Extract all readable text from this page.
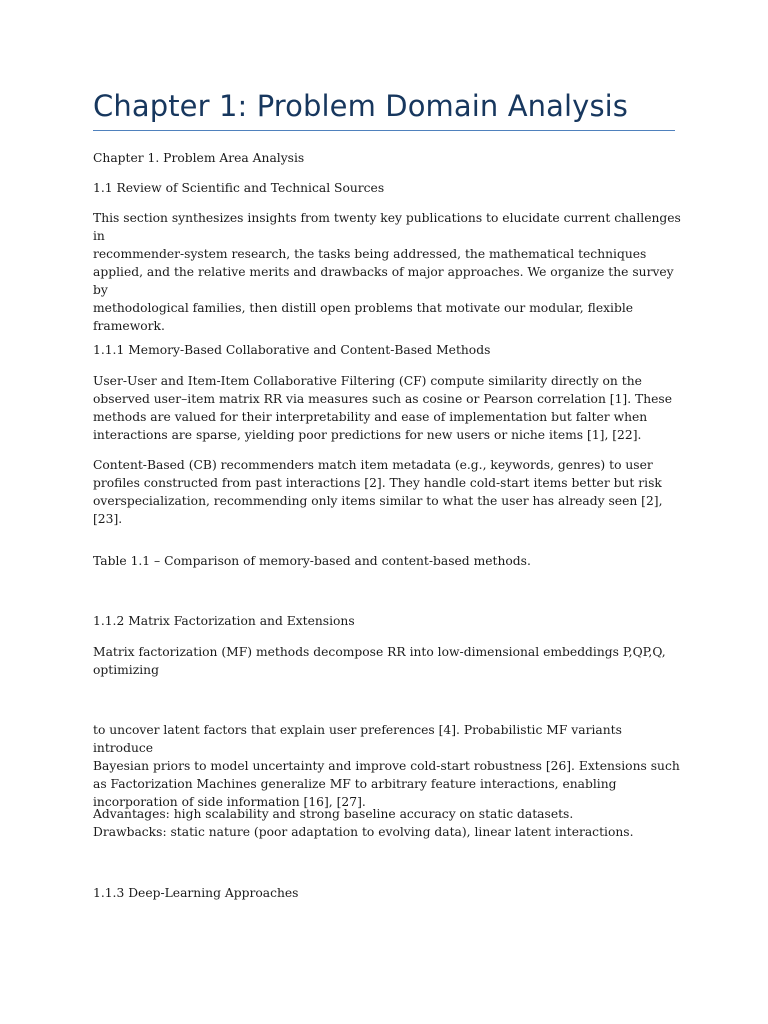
Chapter 1: Problem Domain Analysis

Chapter 1. Problem Area Analysis

1.1 Review of Scientific and Technical Sources

This section synthesizes insights from twenty key publications to elucidate current challenges in
recommender-system research, the tasks being addressed, the mathematical techniques
applied, and the relative merits and drawbacks of major approaches. We organize the survey by
methodological families, then distill open problems that motivate our modular, flexible
framework.

1.1.1 Memory-Based Collaborative and Content-Based Methods

User-User and Item-Item Collaborative Filtering (CF) compute similarity directly on the
observed user–item matrix RR via measures such as cosine or Pearson correlation [1]. These
methods are valued for their interpretability and ease of implementation but falter when
interactions are sparse, yielding poor predictions for new users or niche items [1], [22].

Content-Based (CB) recommenders match item metadata (e.g., keywords, genres) to user
profiles constructed from past interactions [2]. They handle cold-start items better but risk
overspecialization, recommending only items similar to what the user has already seen [2], [23].

Table 1.1 – Comparison of memory-based and content-based methods.

1.1.2 Matrix Factorization and Extensions

Matrix factorization (MF) methods decompose RR into low-dimensional embeddings P,QP,Q,
optimizing

to uncover latent factors that explain user preferences [4]. Probabilistic MF variants introduce
Bayesian priors to model uncertainty and improve cold-start robustness [26]. Extensions such
as Factorization Machines generalize MF to arbitrary feature interactions, enabling
incorporation of side information [16], [27].

Advantages: high scalability and strong baseline accuracy on static datasets.

Drawbacks: static nature (poor adaptation to evolving data), linear latent interactions.

1.1.3 Deep-Learning Approaches
